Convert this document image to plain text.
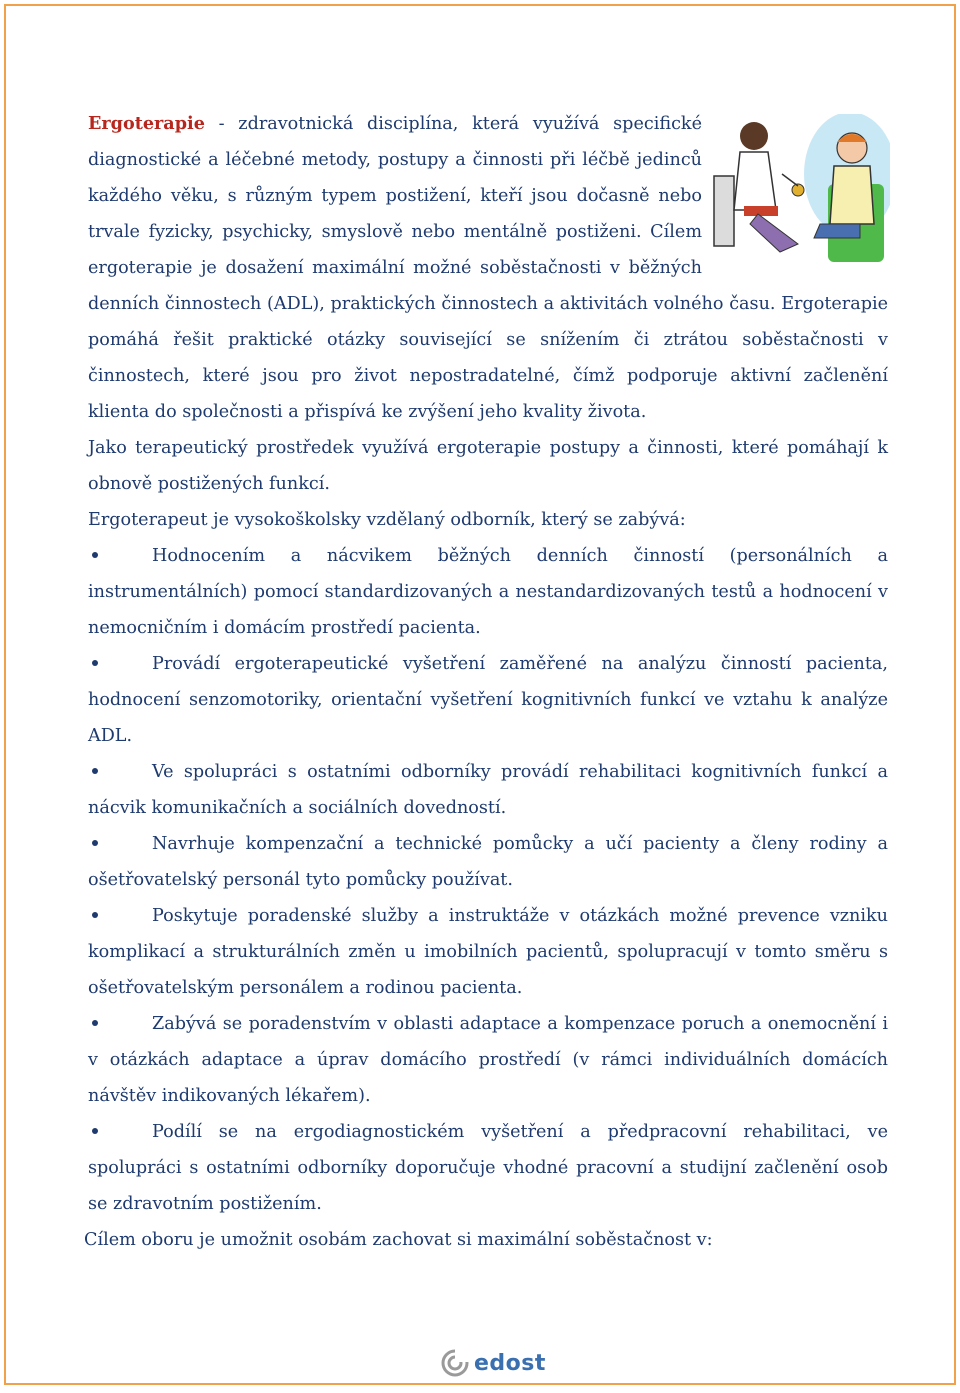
Ergoterapie - zdravotnická disciplína, která využívá specifické diagnostické a léčebné metody, postupy a činnosti při léčbě jedinců každého věku, s různým typem postižení, kteří jsou dočasně nebo trvale fyzicky, psychicky, smyslově nebo mentálně postiženi. Cílem ergoterapie je dosažení maximální možné soběstačnosti v běžných denních činnostech (ADL), praktických činnostech a aktivitách volného času. Ergoterapie pomáhá řešit praktické otázky související se snížením či ztrátou soběstačnosti v činnostech, které jsou pro život nepostradatelné, čímž podporuje aktivní začlenění klienta do společnosti a přispívá ke zvýšení jeho kvality života.

Jako terapeutický prostředek využívá ergoterapie postupy a činnosti, které pomáhají k obnově postižených funkcí.

Ergoterapeut je vysokoškolsky vzdělaný odborník, který se zabývá:

Hodnocením a nácvikem běžných denních činností (personálních a instrumentálních) pomocí standardizovaných a nestandardizovaných testů a hodnocení v nemocničním i domácím prostředí pacienta.
Provádí ergoterapeutické vyšetření zaměřené na analýzu činností pacienta, hodnocení senzomotoriky, orientační vyšetření kognitivních funkcí ve vztahu k analýze ADL.
Ve spolupráci s ostatními odborníky provádí rehabilitaci kognitivních funkcí a nácvik komunikačních a sociálních dovedností.
Navrhuje kompenzační a technické pomůcky a učí pacienty a členy rodiny a ošetřovatelský personál tyto pomůcky používat.
Poskytuje poradenské služby a instruktáže v otázkách možné prevence vzniku komplikací a strukturálních změn u imobilních pacientů, spolupracují v tomto směru s ošetřovatelským personálem a rodinou pacienta.
Zabývá se poradenstvím v oblasti adaptace a kompenzace poruch a onemocnění i v otázkách adaptace a úprav domácího prostředí (v rámci individuálních domácích návštěv indikovaných lékařem).
Podílí se na ergodiagnostickém vyšetření a předpracovní rehabilitaci, ve spolupráci s ostatními odborníky doporučuje vhodné pracovní a studijní začlenění osob se zdravotním postižením.

Cílem oboru je umožnit osobám zachovat si maximální soběstačnost v:

edost
